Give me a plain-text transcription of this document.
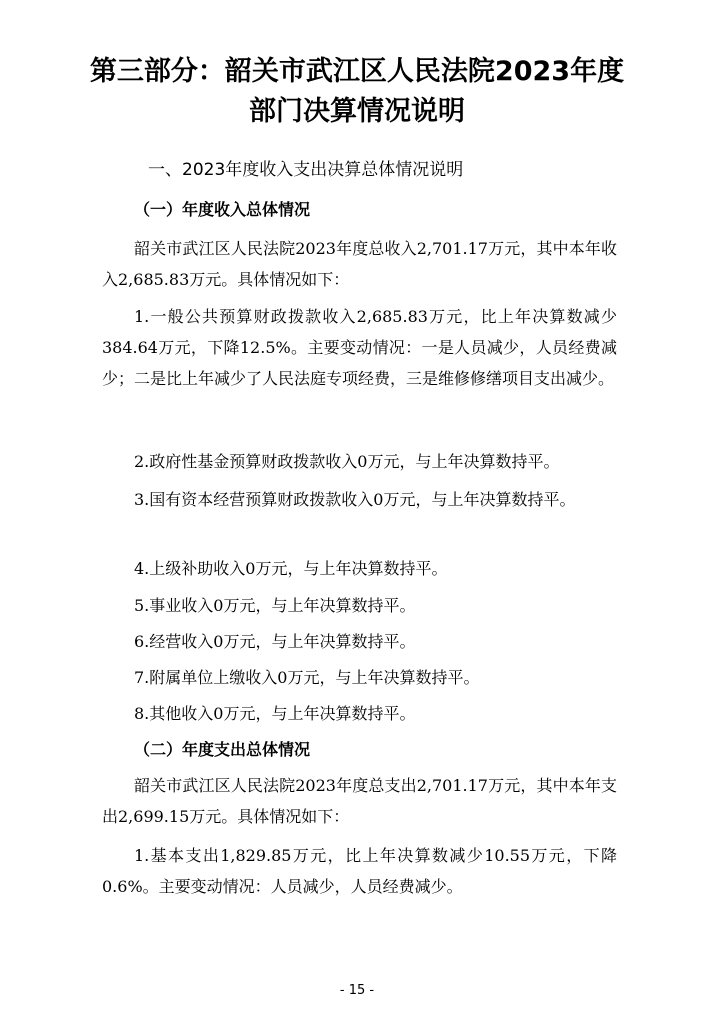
第三部分：韶关市武江区人民法院2023年度
部门决算情况说明
一、2023年度收入支出决算总体情况说明
（一）年度收入总体情况
韶关市武江区人民法院2023年度总收入2,701.17万元，其中本年收入2,685.83万元。具体情况如下：
1.一般公共预算财政拨款收入2,685.83万元，比上年决算数减少384.64万元，下降12.5%。主要变动情况：一是人员减少，人员经费减少；二是比上年减少了人民法庭专项经费，三是维修修缮项目支出减少。
2.政府性基金预算财政拨款收入0万元，与上年决算数持平。
3.国有资本经营预算财政拨款收入0万元，与上年决算数持平。
4.上级补助收入0万元，与上年决算数持平。
5.事业收入0万元，与上年决算数持平。
6.经营收入0万元，与上年决算数持平。
7.附属单位上缴收入0万元，与上年决算数持平。
8.其他收入0万元，与上年决算数持平。
（二）年度支出总体情况
韶关市武江区人民法院2023年度总支出2,701.17万元，其中本年支出2,699.15万元。具体情况如下：
1.基本支出1,829.85万元，比上年决算数减少10.55万元，下降0.6%。主要变动情况：人员减少，人员经费减少。
- 15 -
